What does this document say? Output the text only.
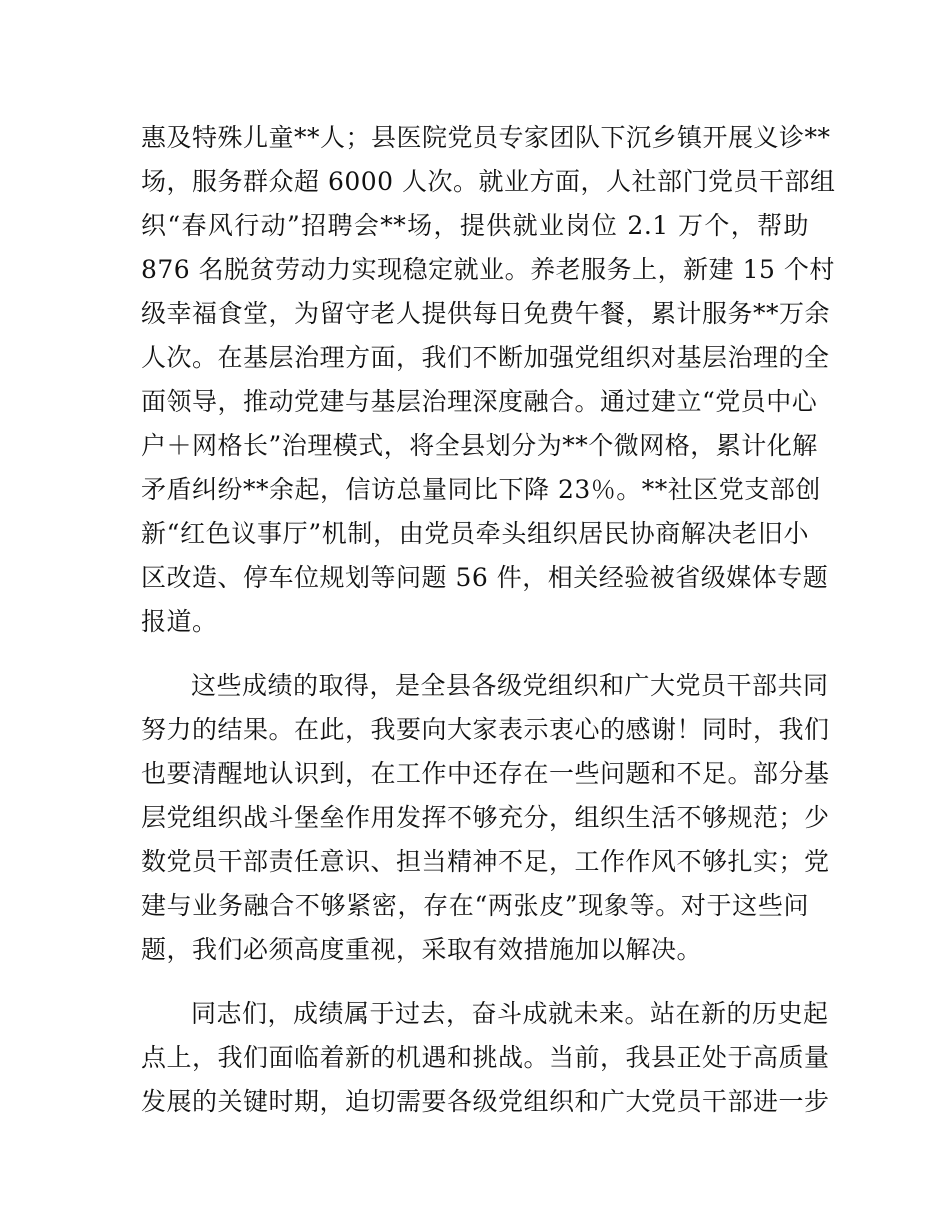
惠及特殊儿童**人；县医院党员专家团队下沉乡镇开展义诊**
场，服务群众超 6000 人次。就业方面，人社部门党员干部组
织“春风行动”招聘会**场，提供就业岗位 2.1 万个，帮助
876 名脱贫劳动力实现稳定就业。养老服务上，新建 15 个村
级幸福食堂，为留守老人提供每日免费午餐，累计服务**万余
人次。在基层治理方面，我们不断加强党组织对基层治理的全
面领导，推动党建与基层治理深度融合。通过建立“党员中心
户＋网格长”治理模式，将全县划分为**个微网格，累计化解
矛盾纠纷**余起，信访总量同比下降 23％。**社区党支部创
新“红色议事厅”机制，由党员牵头组织居民协商解决老旧小
区改造、停车位规划等问题 56 件，相关经验被省级媒体专题
报道。
这些成绩的取得，是全县各级党组织和广大党员干部共同
努力的结果。在此，我要向大家表示衷心的感谢！同时，我们
也要清醒地认识到，在工作中还存在一些问题和不足。部分基
层党组织战斗堡垒作用发挥不够充分，组织生活不够规范；少
数党员干部责任意识、担当精神不足，工作作风不够扎实；党
建与业务融合不够紧密，存在“两张皮”现象等。对于这些问
题，我们必须高度重视，采取有效措施加以解决。
同志们，成绩属于过去，奋斗成就未来。站在新的历史起
点上，我们面临着新的机遇和挑战。当前，我县正处于高质量
发展的关键时期，迫切需要各级党组织和广大党员干部进一步
